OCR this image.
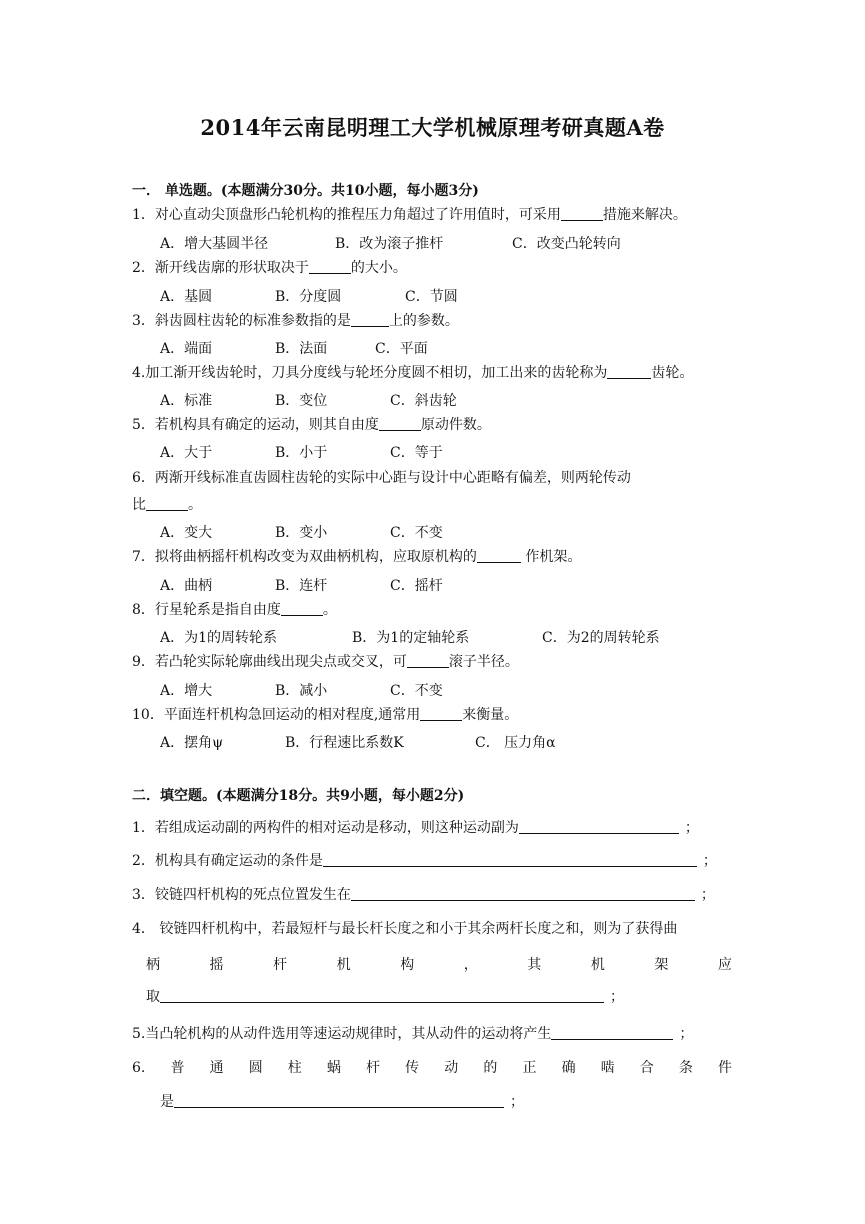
2014年云南昆明理工大学机械原理考研真题A卷
一． 单选题。(本题满分30分。共10小题，每小题3分)
1．对心直动尖顶盘形凸轮机构的推程压力角超过了许用值时，可采用	措施来解决。
A．增大基圆半径	B．改为滚子推杆	C．改变凸轮转向
2．渐开线齿廓的形状取决于	的大小。
A．基圆	B．分度圆	C．节圆
3．斜齿圆柱齿轮的标准参数指的是	上的参数。
A．端面	B．法面	C．平面
4.加工渐开线齿轮时，刀具分度线与轮坯分度圆不相切，加工出来的齿轮称为	齿轮。
A．标准	B．变位	C．斜齿轮
5．若机构具有确定的运动，则其自由度	原动件数。
A．大于	B．小于	C．等于
6．两渐开线标准直齿圆柱齿轮的实际中心距与设计中心距略有偏差，则两轮传动
比	。
A．变大	B．变小	C．不变
7．拟将曲柄摇杆机构改变为双曲柄机构，应取原机构的	作机架。
A．曲柄	B．连杆	C．摇杆
8．行星轮系是指自由度	。
A．为1的周转轮系	B．为1的定轴轮系	C．为2的周转轮系
9．若凸轮实际轮廓曲线出现尖点或交叉，可	滚子半径。
A．增大	B．减小	C．不变
10．平面连杆机构急回运动的相对程度,通常用	来衡量。
A．摆角ψ	B．行程速比系数K	C． 压力角α
二．填空题。(本题满分18分。共9小题，每小题2分)
1．若组成运动副的两构件的相对运动是移动，则这种运动副为	；
2．机构具有确定运动的条件是	；
3．铰链四杆机构的死点位置发生在	；
4． 铰链四杆机构中，若最短杆与最长杆长度之和小于其余两杆长度之和，则为了获得曲
柄	摇	杆	机	构	，	其	机	架	应
取	；
5.当凸轮机构的从动件选用等速运动规律时，其从动件的运动将产生	；
6. 普 通 圆 柱 蜗 杆 传 动 的 正 确 啮 合 条 件
是	；
